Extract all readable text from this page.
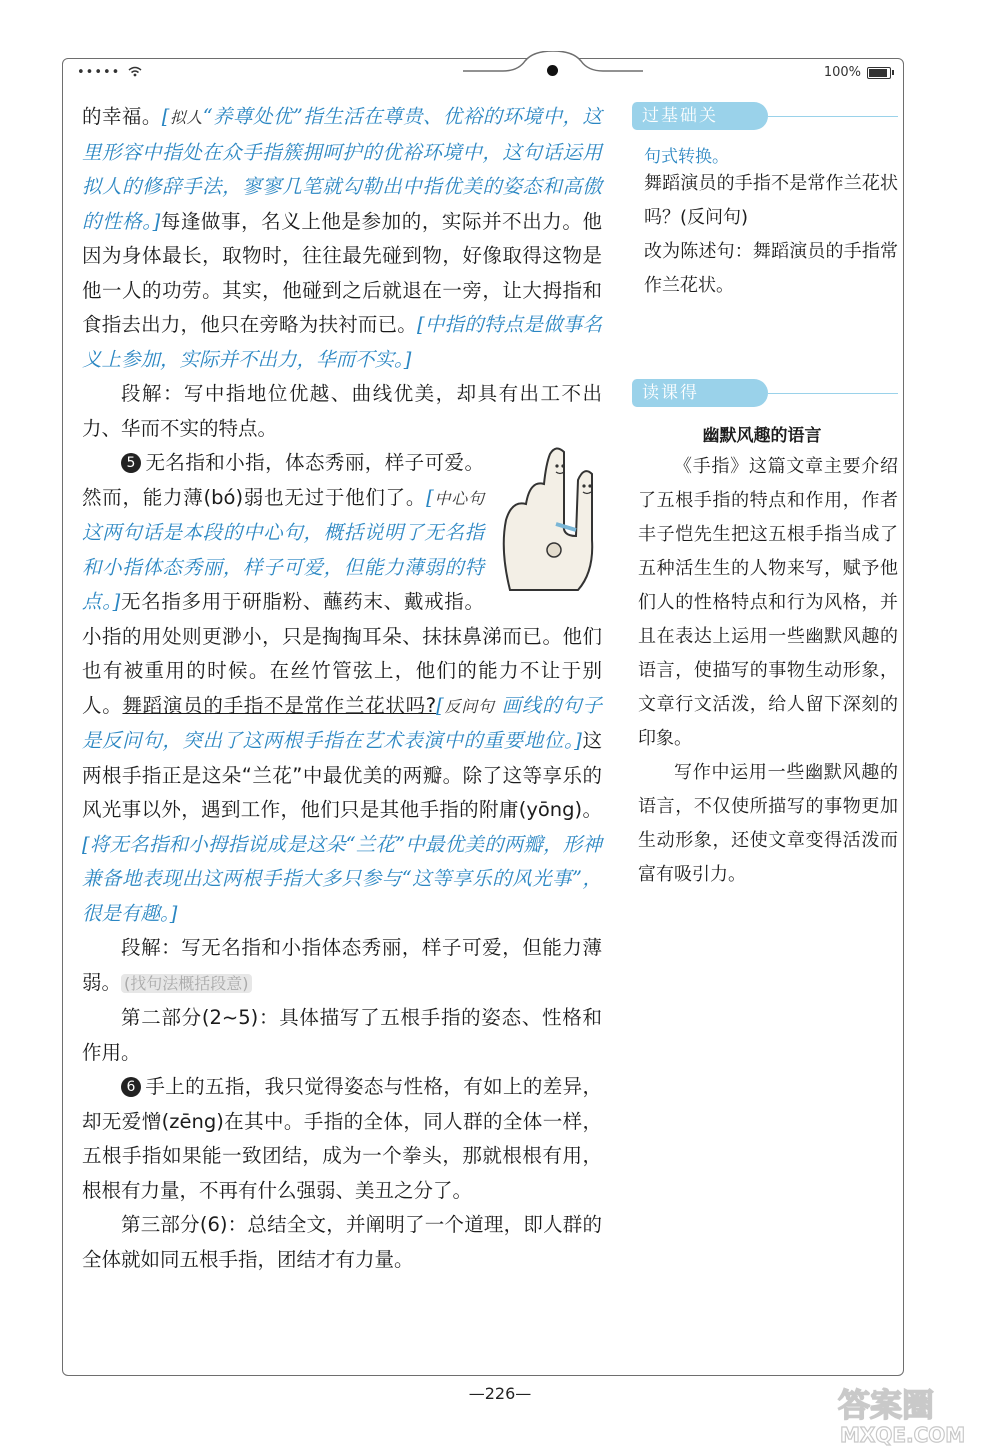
•••••	100%

的幸福。[拟人“养尊处优”指生活在尊贵、优裕的环境中，这里形容中指处在众手指簇拥呵护的优裕环境中，这句话运用拟人的修辞手法，寥寥几笔就勾勒出中指优美的姿态和高傲的性格。]每逢做事，名义上他是参加的，实际并不出力。他因为身体最长，取物时，往往最先碰到物，好像取得这物是他一人的功劳。其实，他碰到之后就退在一旁，让大拇指和食指去出力，他只在旁略为扶衬而已。[中指的特点是做事名义上参加，实际并不出力，华而不实。]

段解：写中指地位优越、曲线优美，却具有出工不出力、华而不实的特点。

5 无名指和小指，体态秀丽，样子可爱。然而，能力薄(bó)弱也无过于他们了。[中心句 这两句话是本段的中心句，概括说明了无名指和小指体态秀丽，样子可爱，但能力薄弱的特点。]无名指多用于研脂粉、蘸药末、戴戒指。小指的用处则更渺小，只是掏掏耳朵、抹抹鼻涕而已。他们也有被重用的时候。在丝竹管弦上，他们的能力不让于别人。舞蹈演员的手指不是常作兰花状吗?[反问句 画线的句子是反问句，突出了这两根手指在艺术表演中的重要地位。]这两根手指正是这朵“兰花”中最优美的两瓣。除了这等享乐的风光事以外，遇到工作，他们只是其他手指的附庸(yōng)。[将无名指和小拇指说成是这朵“兰花”中最优美的两瓣，形神兼备地表现出这两根手指大多只参与“这等享乐的风光事”，很是有趣。]

段解：写无名指和小指体态秀丽，样子可爱，但能力薄弱。 (找句法概括段意)

第二部分(2~5)：具体描写了五根手指的姿态、性格和作用。

6 手上的五指，我只觉得姿态与性格，有如上的差异，却无爱憎(zēng)在其中。手指的全体，同人群的全体一样，五根手指如果能一致团结，成为一个拳头，那就根根有用，根根有力量，不再有什么强弱、美丑之分了。

第三部分(6)：总结全文，并阐明了一个道理，即人群的全体就如同五根手指，团结才有力量。

过基础关
句式转换。

舞蹈演员的手指不是常作兰花状吗？(反问句)

改为陈述句：舞蹈演员的手指常作兰花状。

读课得
幽默风趣的语言

《手指》这篇文章主要介绍了五根手指的特点和作用，作者丰子恺先生把这五根手指当成了五种活生生的人物来写，赋予他们人的性格特点和行为风格，并且在表达上运用一些幽默风趣的语言，使描写的事物生动形象，文章行文活泼，给人留下深刻的印象。

写作中运用一些幽默风趣的语言，不仅使所描写的事物更加生动形象，还使文章变得活泼而富有吸引力。

—226—	答案圈
MXQE.COM
